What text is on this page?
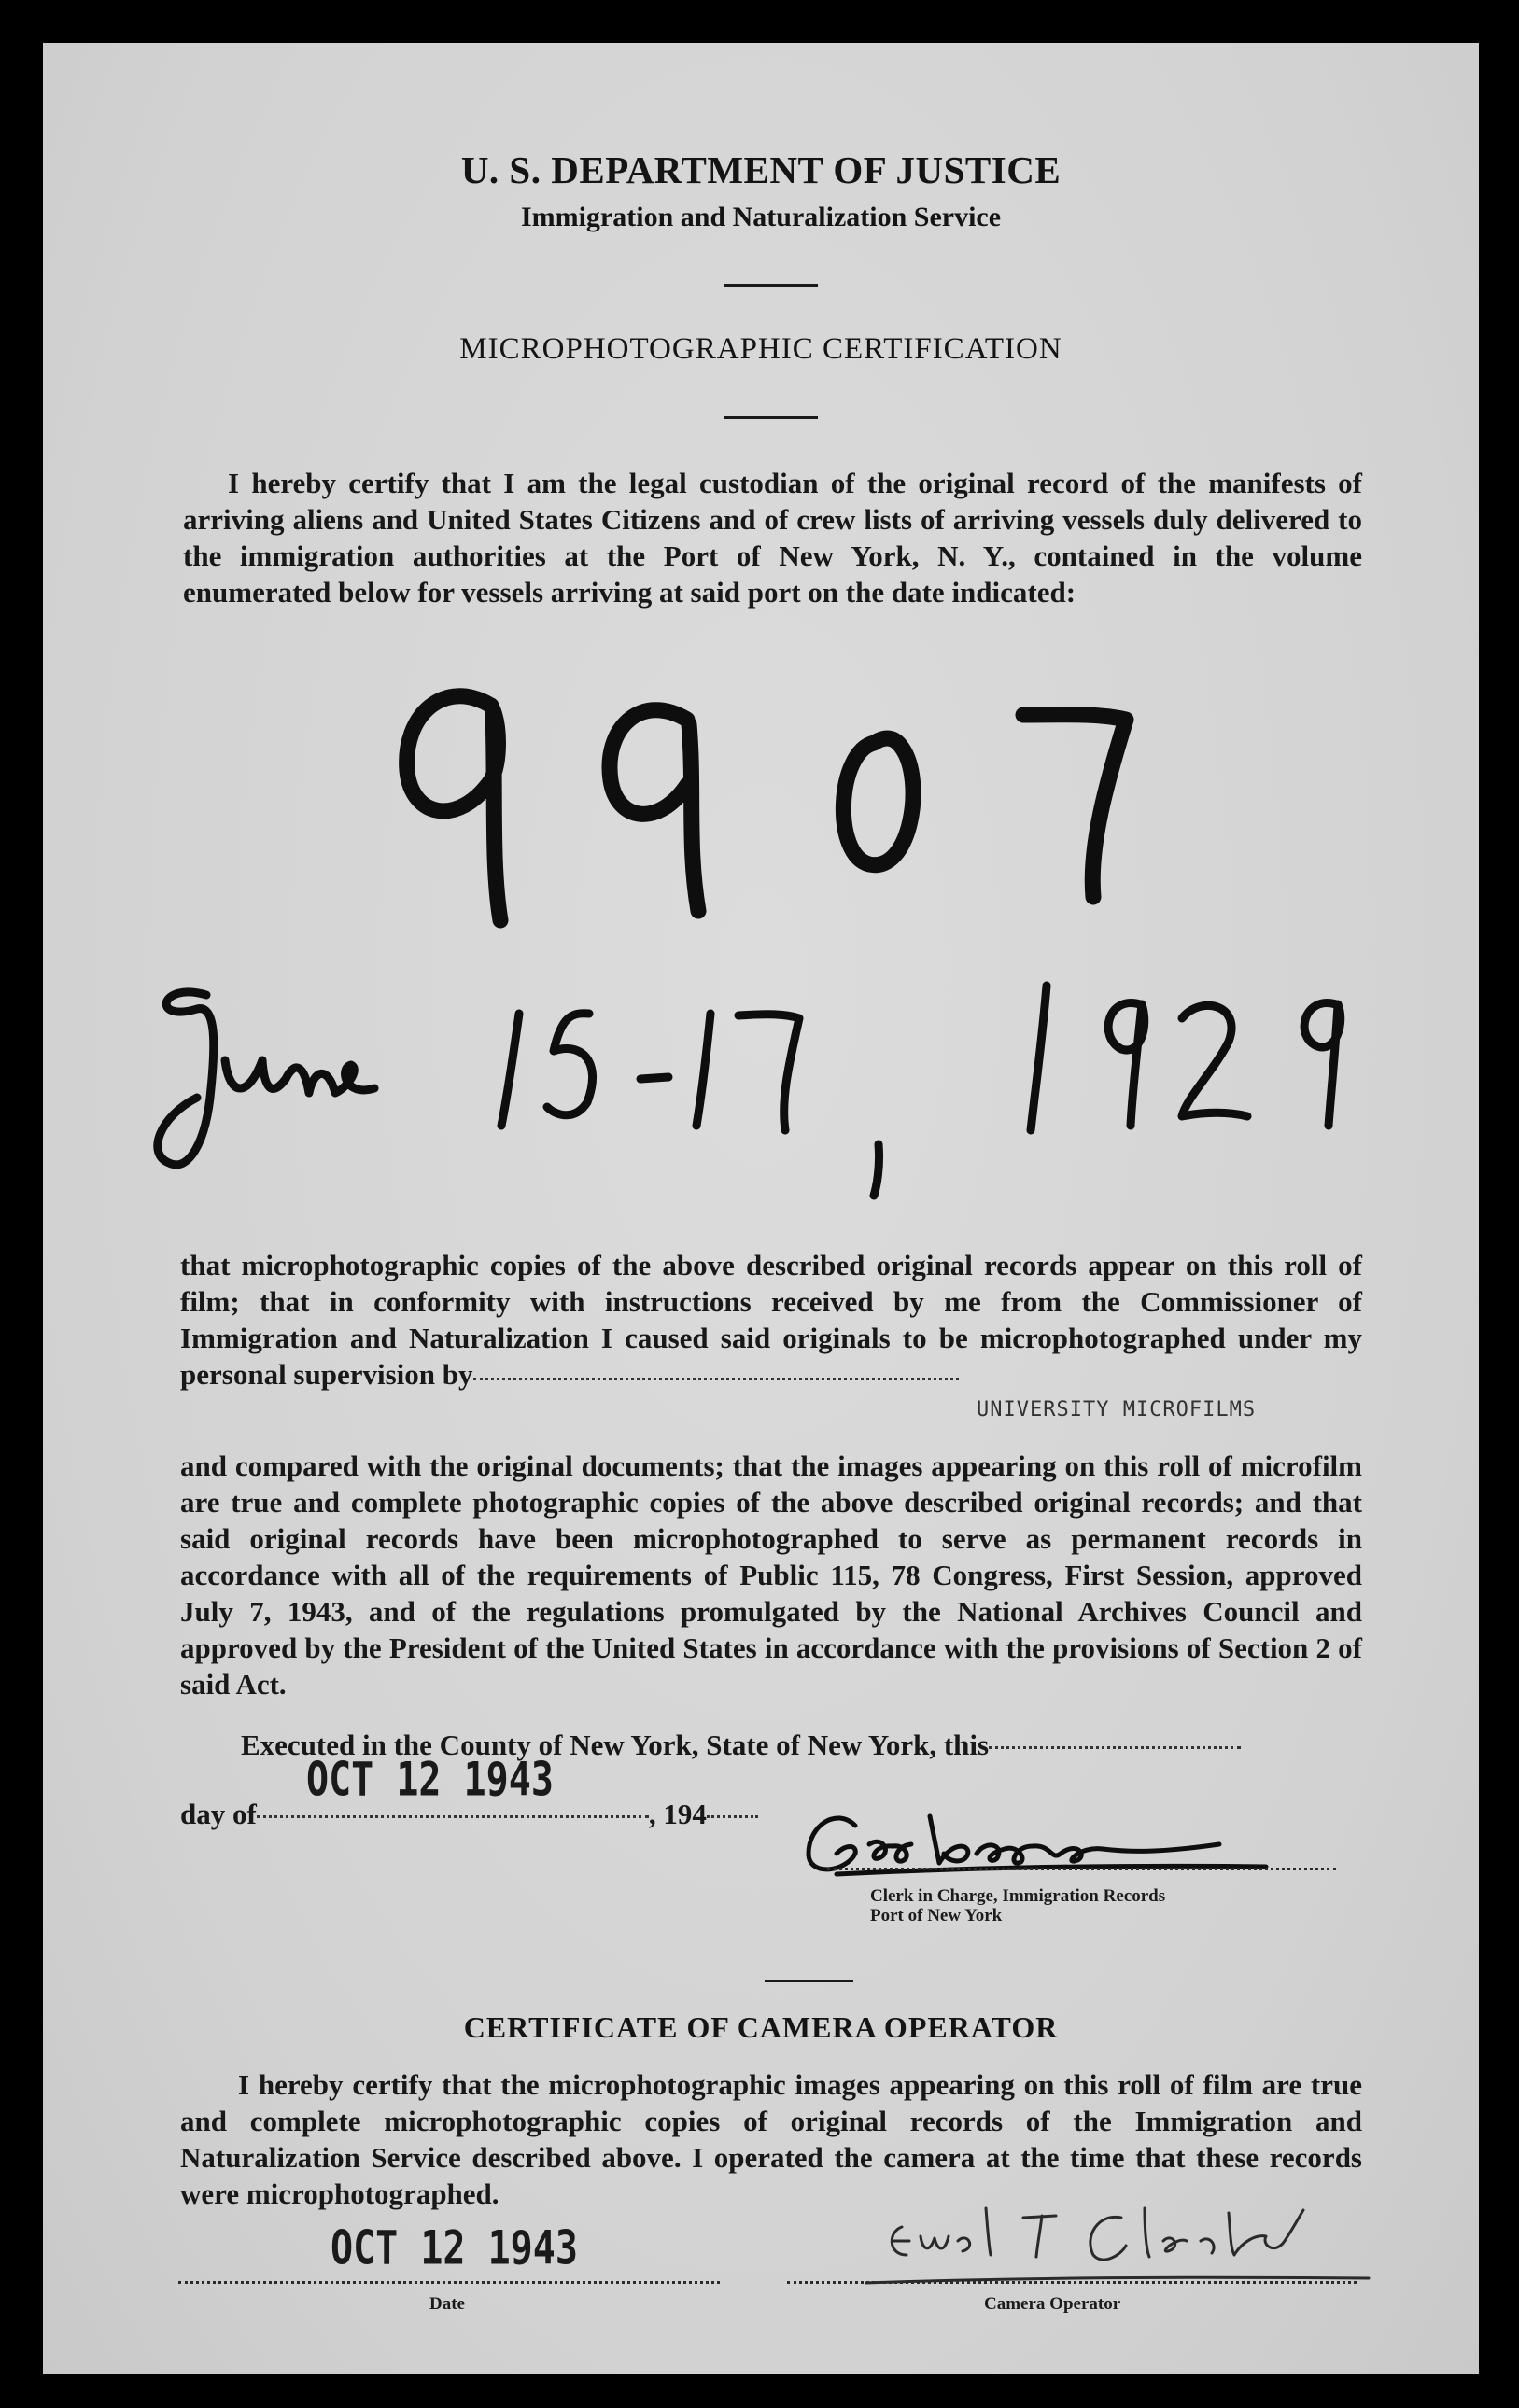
U. S. DEPARTMENT OF JUSTICE
Immigration and Naturalization Service
MICROPHOTOGRAPHIC CERTIFICATION
I hereby certify that I am the legal custodian of the original record of the manifests of arriving aliens and United States Citizens and of crew lists of arriving vessels duly delivered to the immigration authorities at the Port of New York, N. Y., contained in the volume enumerated below for vessels arriving at said port on the date indicated:
that microphotographic copies of the above described original records appear on this roll of film; that in conformity with instructions received by me from the Commissioner of Immigration and Naturalization I caused said originals to be microphotographed under my personal supervision by
UNIVERSITY MICROFILMS
and compared with the original documents; that the images appearing on this roll of microfilm are true and complete photographic copies of the above described original records; and that said original records have been microphotographed to serve as permanent records in accordance with all of the requirements of Public 115, 78 Congress, First Session, approved July 7, 1943, and of the regulations promulgated by the National Archives Council and approved by the President of the United States in accordance with the provisions of Section 2 of said Act.
Executed in the County of New York, State of New York, this
day of	, 194
OCT 12 1943
Clerk in Charge, Immigration Records
Port of New York
CERTIFICATE OF CAMERA OPERATOR
I hereby certify that the microphotographic images appearing on this roll of film are true and complete microphotographic copies of original records of the Immigration and Naturalization Service described above. I operated the camera at the time that these records were microphotographed.
OCT 12 1943
Date	Camera Operator
